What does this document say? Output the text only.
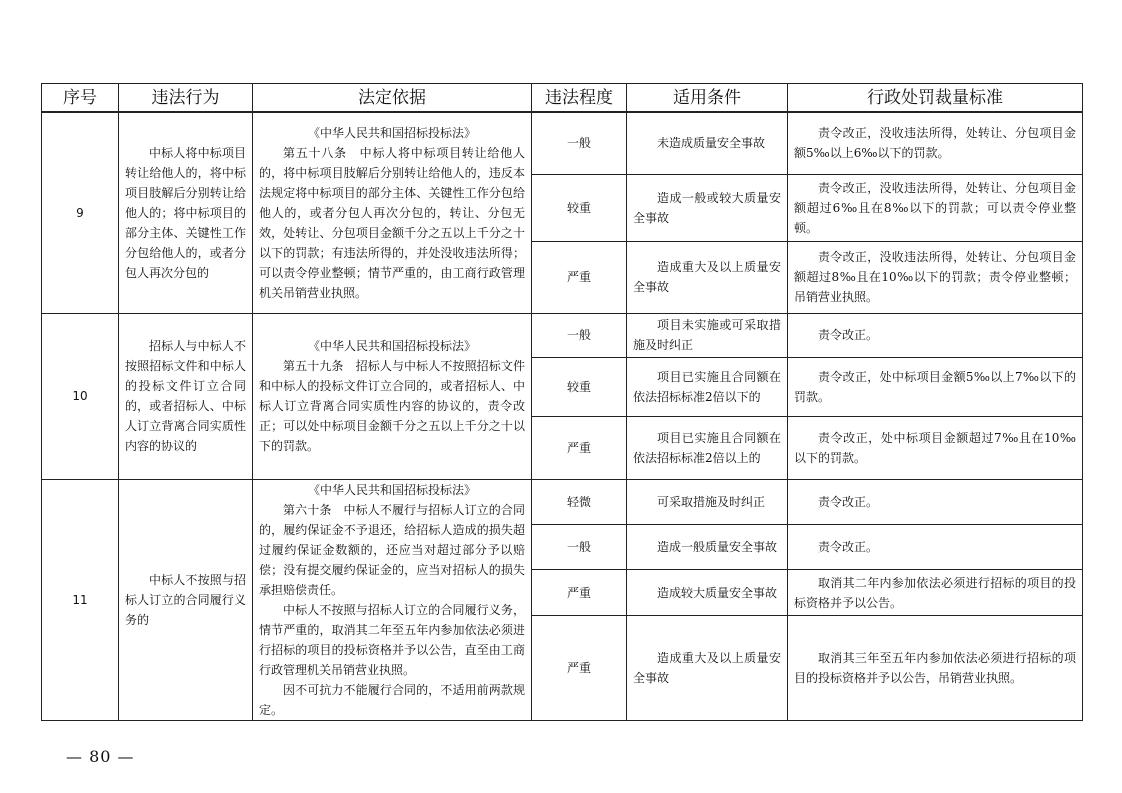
序号	违法行为	法定依据	违法程度	适用条件	行政处罚裁量标准
9	中标人将中标项目转让给他人的，将中标项目肢解后分别转让给他人的；将中标项目的部分主体、关键性工作分包给他人的，或者分包人再次分包的	《中华人民共和国招标投标法》
第五十八条　中标人将中标项目转让给他人的，将中标项目肢解后分别转让给他人的，违反本法规定将中标项目的部分主体、关键性工作分包给他人的，或者分包人再次分包的，转让、分包无效，处转让、分包项目金额千分之五以上千分之十以下的罚款；有违法所得的，并处没收违法所得；可以责令停业整顿；情节严重的，由工商行政管理机关吊销营业执照。	一般	未造成质量安全事故	责令改正，没收违法所得，处转让、分包项目金额5‰以上6‰以下的罚款。

			较重	造成一般或较大质量安全事故	责令改正，没收违法所得，处转让、分包项目金额超过6‰且在8‰以下的罚款；可以责令停业整顿。

			严重	造成重大及以上质量安全事故	责令改正，没收违法所得，处转让、分包项目金额超过8‰且在10‰以下的罚款；责令停业整顿；吊销营业执照。

10	招标人与中标人不按照招标文件和中标人的投标文件订立合同的，或者招标人、中标人订立背离合同实质性内容的协议的	《中华人民共和国招标投标法》
第五十九条　招标人与中标人不按照招标文件和中标人的投标文件订立合同的，或者招标人、中标人订立背离合同实质性内容的协议的，责令改正；可以处中标项目金额千分之五以上千分之十以下的罚款。	一般	项目未实施或可采取措施及时纠正	责令改正。

			较重	项目已实施且合同额在依法招标标准2倍以下的	责令改正，处中标项目金额5‰以上7‰以下的罚款。

			严重	项目已实施且合同额在依法招标标准2倍以上的	责令改正，处中标项目金额超过7‰且在10‰以下的罚款。

11	中标人不按照与招标人订立的合同履行义务的	《中华人民共和国招标投标法》
第六十条　中标人不履行与招标人订立的合同的，履约保证金不予退还，给招标人造成的损失超过履约保证金数额的，还应当对超过部分予以赔偿；没有提交履约保证金的，应当对招标人的损失承担赔偿责任。
中标人不按照与招标人订立的合同履行义务，情节严重的，取消其二年至五年内参加依法必须进行招标的项目的投标资格并予以公告，直至由工商行政管理机关吊销营业执照。
因不可抗力不能履行合同的，不适用前两款规定。	轻微	可采取措施及时纠正	责令改正。

			一般	造成一般质量安全事故	责令改正。

			严重	造成较大质量安全事故	取消其二年内参加依法必须进行招标的项目的投标资格并予以公告。

			严重	造成重大及以上质量安全事故	取消其三年至五年内参加依法必须进行招标的项目的投标资格并予以公告，吊销营业执照。
— 80 —
